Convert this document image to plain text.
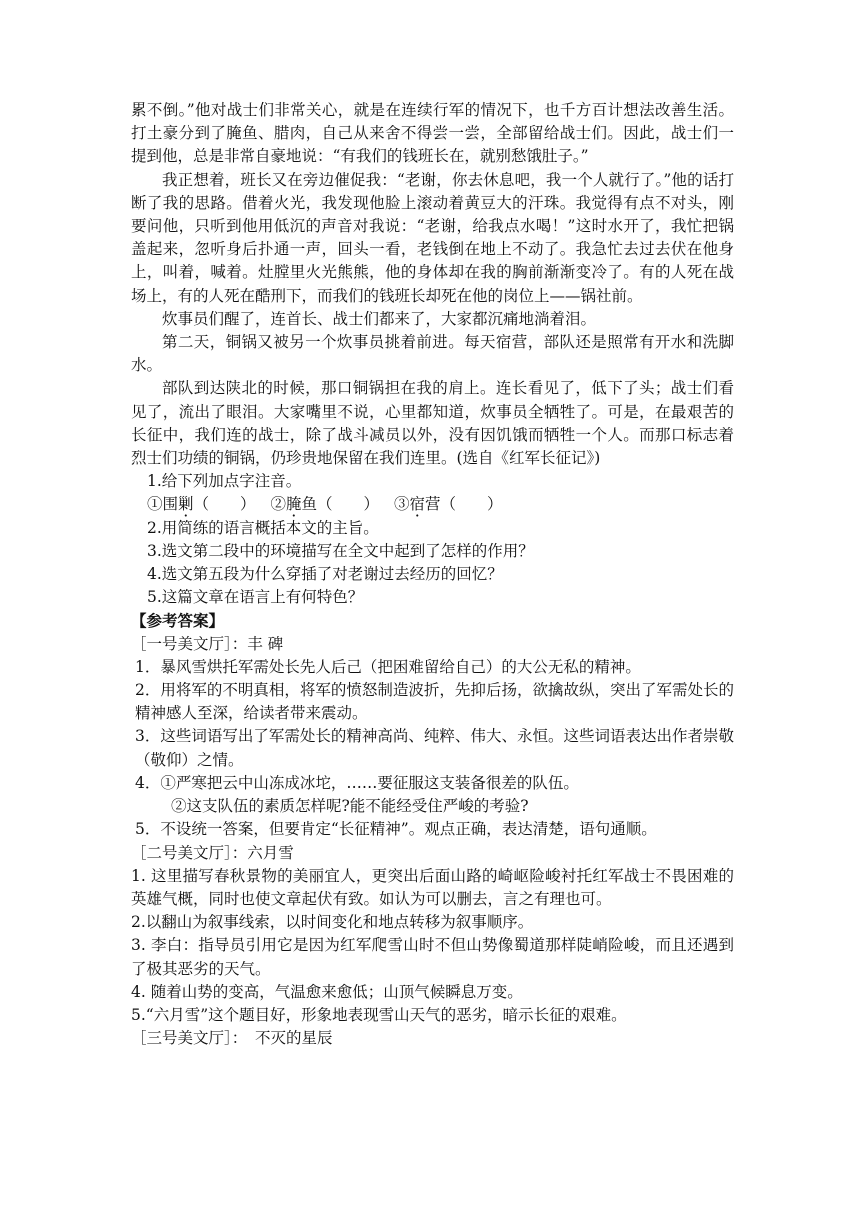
累不倒。”他对战士们非常关心，就是在连续行军的情况下，也千方百计想法改善生活。打土豪分到了腌鱼、腊肉，自己从来舍不得尝一尝，全部留给战士们。因此，战士们一提到他，总是非常自豪地说：“有我们的钱班长在，就别愁饿肚子。”

我正想着，班长又在旁边催促我：“老谢，你去休息吧，我一个人就行了。”他的话打断了我的思路。借着火光，我发现他脸上滚动着黄豆大的汗珠。我觉得有点不对头，刚要问他，只听到他用低沉的声音对我说：“老谢，给我点水喝！”这时水开了，我忙把锅盖起来，忽听身后扑通一声，回头一看，老钱倒在地上不动了。我急忙去过去伏在他身上，叫着，喊着。灶膛里火光熊熊，他的身体却在我的胸前渐渐变冷了。有的人死在战场上，有的人死在酷刑下，而我们的钱班长却死在他的岗位上——锅社前。

炊事员们醒了，连首长、战士们都来了，大家都沉痛地淌着泪。

第二天，铜锅又被另一个炊事员挑着前进。每天宿营，部队还是照常有开水和洗脚水。

部队到达陕北的时候，那口铜锅担在我的肩上。连长看见了，低下了头；战士们看见了，流出了眼泪。大家嘴里不说，心里都知道，炊事员全牺牲了。可是，在最艰苦的长征中，我们连的战士，除了战斗减员以外，没有因饥饿而牺牲一个人。而那口标志着烈士们功绩的铜锅，仍珍贵地保留在我们连里。(选自《红军长征记》)

1.给下列加点字注音。

①围剿（　　） ②腌鱼（　　） ③宿营（　　）

2.用简练的语言概括本文的主旨。

3.选文第二段中的环境描写在全文中起到了怎样的作用？

4.选文第五段为什么穿插了对老谢过去经历的回忆？

5.这篇文章在语言上有何特色？

【参考答案】

［一号美文厅］：丰 碑

1．暴风雪烘托军需处长先人后己（把困难留给自己）的大公无私的精神。

2．用将军的不明真相，将军的愤怒制造波折，先抑后扬，欲擒故纵，突出了军需处长的精神感人至深，给读者带来震动。

3．这些词语写出了军需处长的精神高尚、纯粹、伟大、永恒。这些词语表达出作者崇敬（敬仰）之情。

4．①严寒把云中山冻成冰坨，……要征服这支装备很差的队伍。

②这支队伍的素质怎样呢?能不能经受住严峻的考验?

5．不设统一答案，但要肯定“长征精神”。观点正确，表达清楚，语句通顺。

［二号美文厅］：六月雪

1. 这里描写春秋景物的美丽宜人，更突出后面山路的崎岖险峻衬托红军战士不畏困难的英雄气概，同时也使文章起伏有致。如认为可以删去，言之有理也可。

2.以翻山为叙事线索，以时间变化和地点转移为叙事顺序。

3. 李白：指导员引用它是因为红军爬雪山时不但山势像蜀道那样陡峭险峻，而且还遇到了极其恶劣的天气。

4. 随着山势的变高，气温愈来愈低；山顶气候瞬息万变。

5.“六月雪”这个题目好，形象地表现雪山天气的恶劣，暗示长征的艰难。

［三号美文厅］：　不灭的星辰
